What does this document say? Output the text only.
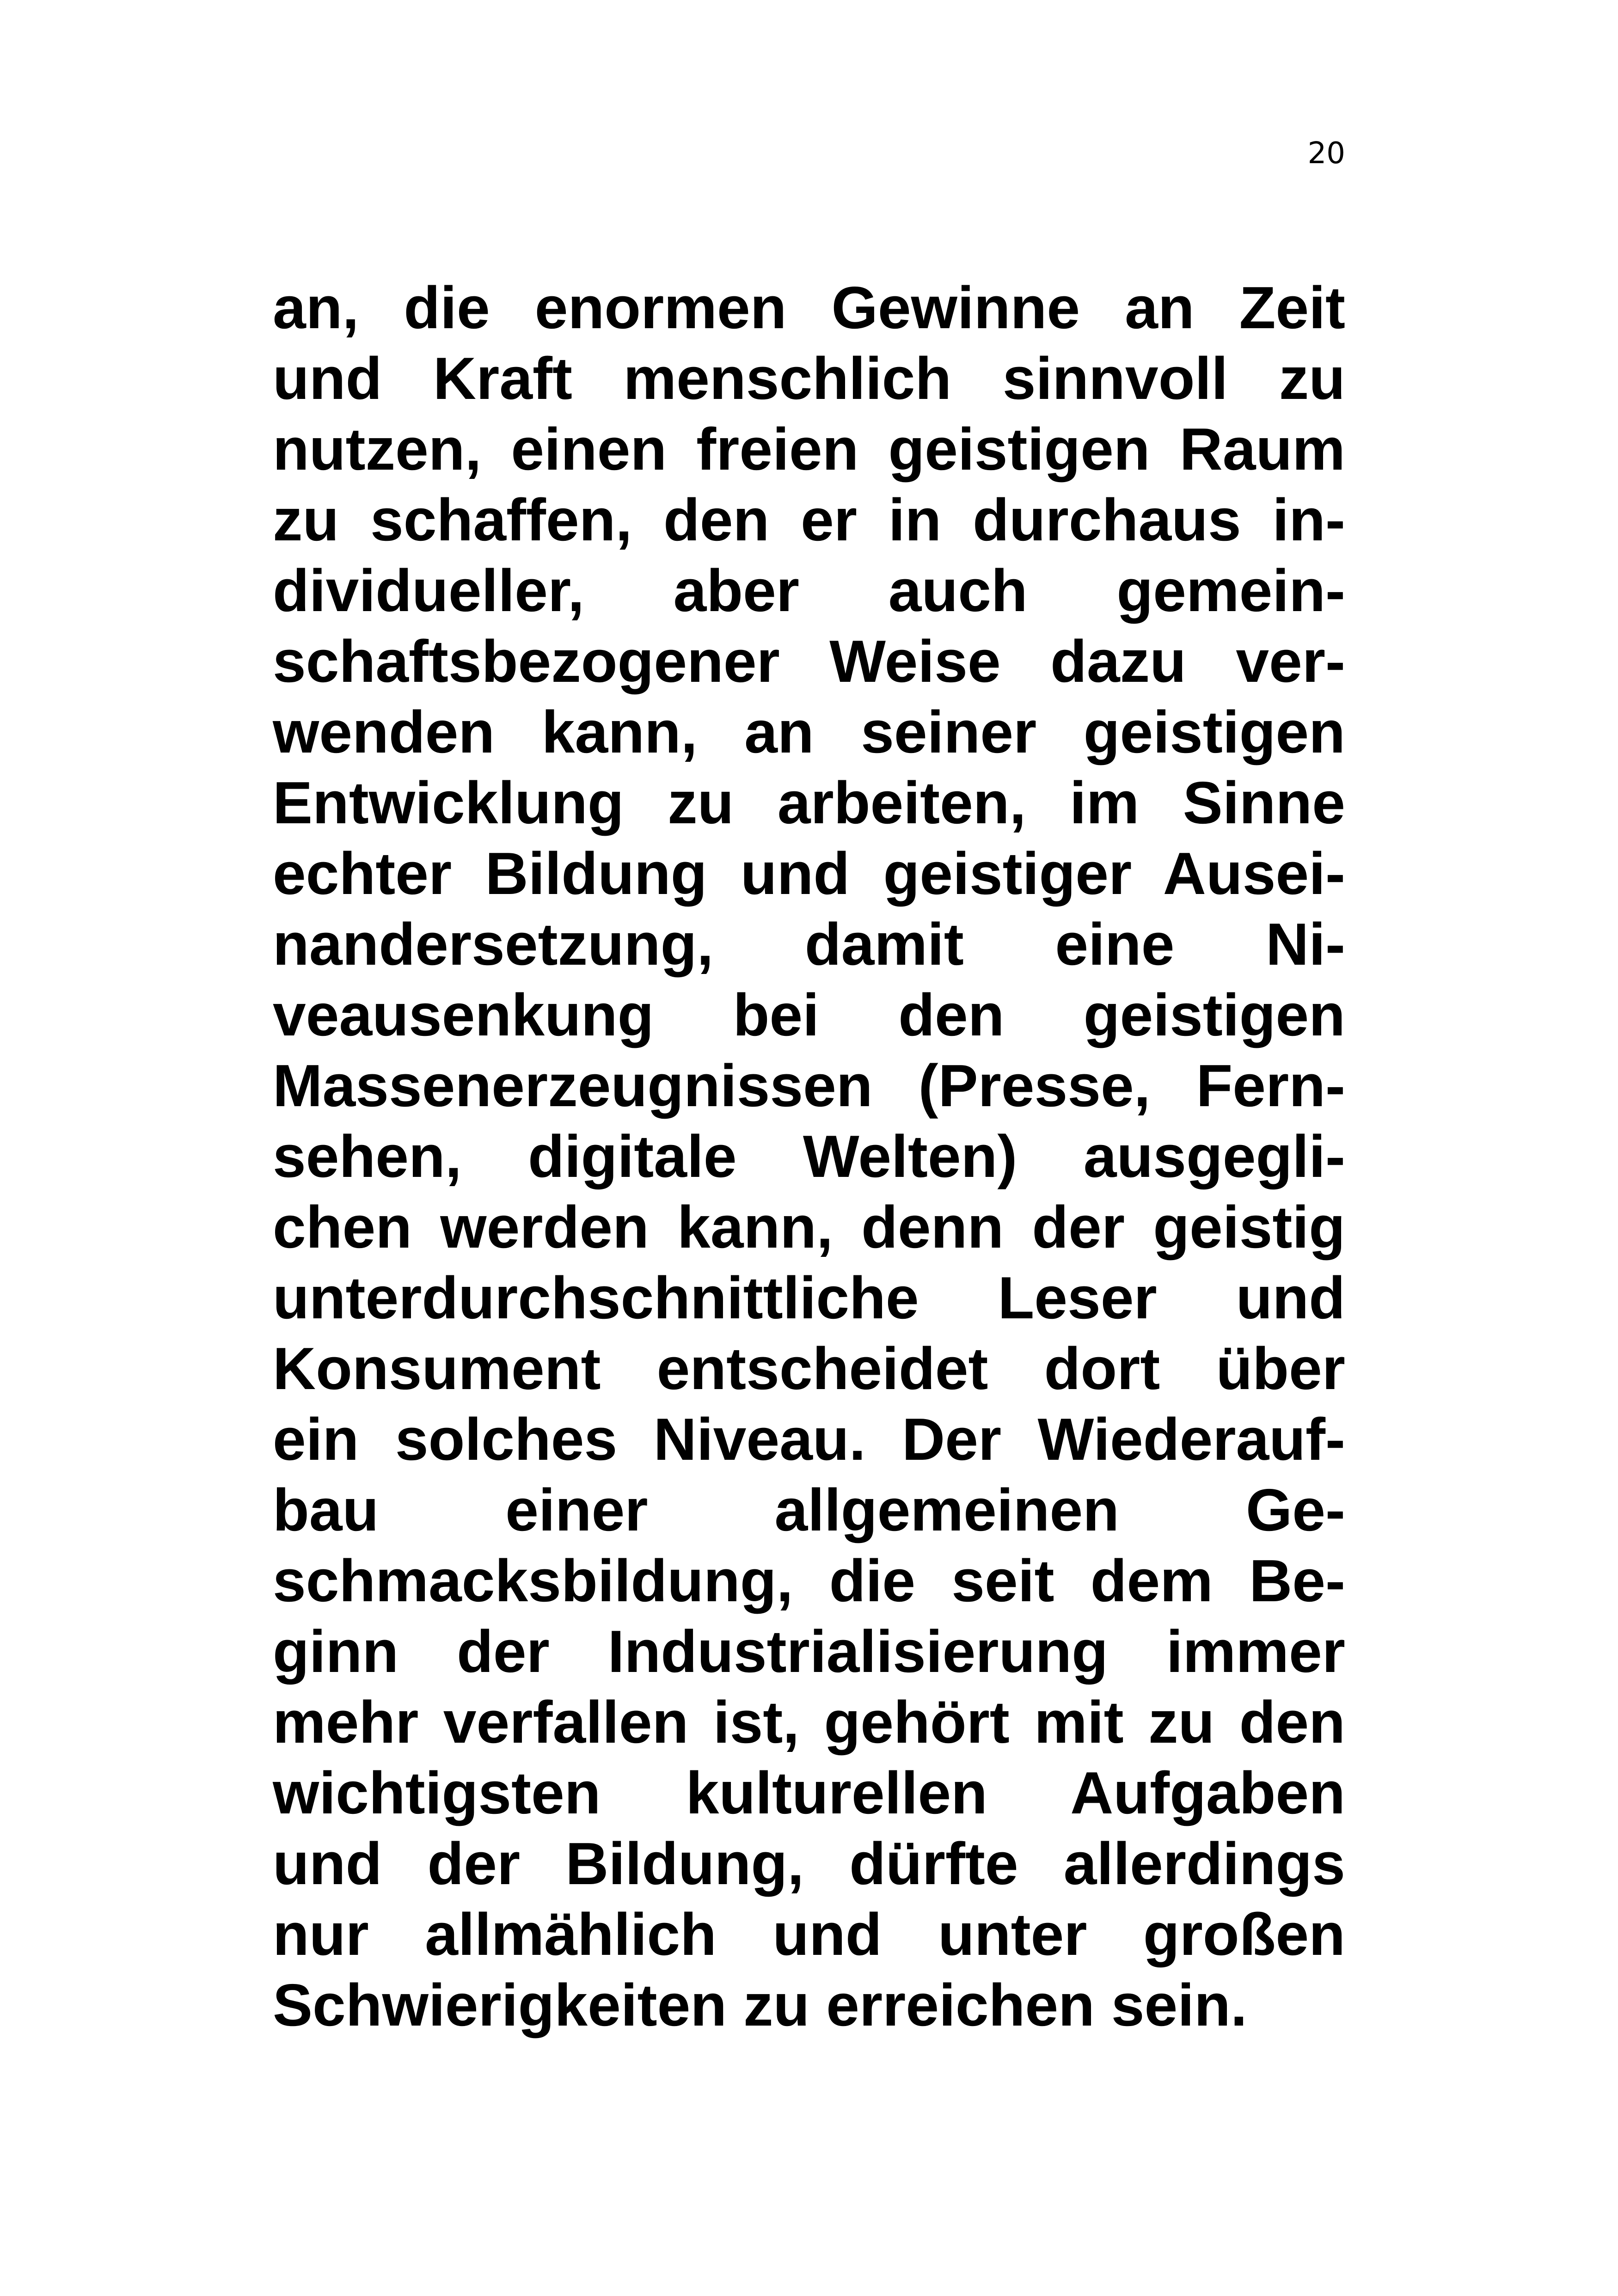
20
an, die enormen Gewinne an Zeit
und Kraft menschlich sinnvoll zu
nutzen, einen freien geistigen Raum
zu schaffen, den er in durchaus in-
dividueller, aber auch gemein-
schaftsbezogener Weise dazu ver-
wenden kann, an seiner geistigen
Entwicklung zu arbeiten, im Sinne
echter Bildung und geistiger Ausei-
nandersetzung, damit eine Ni-
veausenkung bei den geistigen
Massenerzeugnissen (Presse, Fern-
sehen, digitale Welten) ausgegli-
chen werden kann, denn der geistig
unterdurchschnittliche Leser und
Konsument entscheidet dort über
ein solches Niveau. Der Wiederauf-
bau einer allgemeinen Ge-
schmacksbildung, die seit dem Be-
ginn der Industrialisierung immer
mehr verfallen ist, gehört mit zu den
wichtigsten kulturellen Aufgaben
und der Bildung, dürfte allerdings
nur allmählich und unter großen
Schwierigkeiten zu erreichen sein.
